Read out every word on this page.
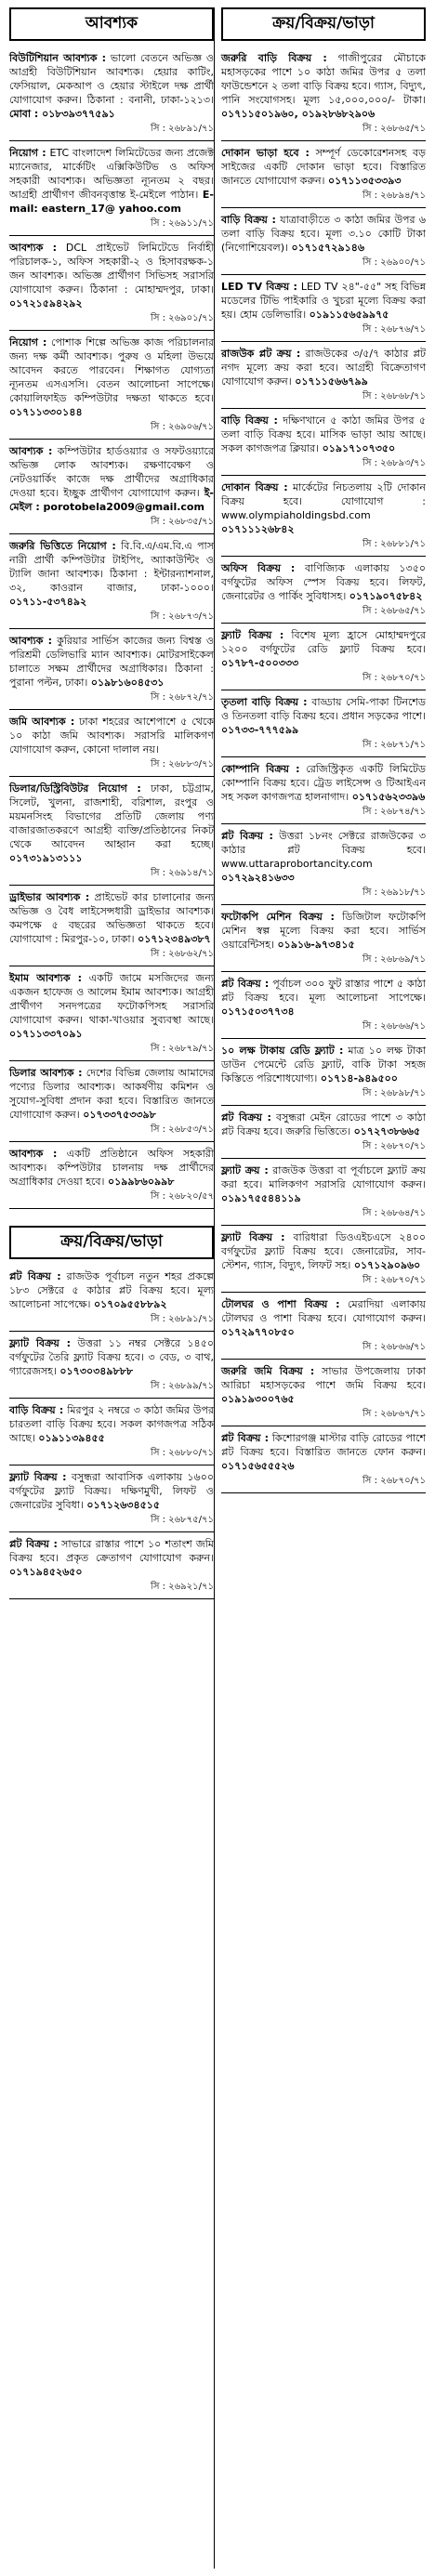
আবশ্যক

বিউটিশিয়ান আবশ্যক : ভালো বেতনে অভিজ্ঞ ও আগ্রহী বিউটিশিয়ান আবশ্যক। হেয়ার কাটিং, ফেসিয়াল, মেকআপ ও হেয়ার স্টাইলে দক্ষ প্রার্থী যোগাযোগ করুন। ঠিকানা : বনানী, ঢাকা-১২১৩। মোবা : ০১৮৩৯৩৭৭৫৯১

সি : ২৬৮৯১/৭১

নিয়োগ : ETC বাংলাদেশ লিমিটেডের জন্য প্রজেক্ট ম্যানেজার, মার্কেটিং এক্সিকিউটিভ ও অফিস সহকারী আবশ্যক। অভিজ্ঞতা ন্যূনতম ২ বছর। আগ্রহী প্রার্থীগণ জীবনবৃত্তান্ত ই-মেইলে পাঠান। E-mail: eastern_17@ yahoo.com

সি : ২৬৯১১/৭১

আবশ্যক : DCL প্রাইভেট লিমিটেডে নির্বাহী পরিচালক-১, অফিস সহকারী-২ ও হিসাবরক্ষক-১ জন আবশ্যক। অভিজ্ঞ প্রার্থীগণ সিভিসহ সরাসরি যোগাযোগ করুন। ঠিকানা : মোহাম্মদপুর, ঢাকা। ০১৭২১৫৯৪২৯২

সি : ২৬৯০১/৭১

নিয়োগ : পোশাক শিল্পে অভিজ্ঞ কাজ পরিচালনার জন্য দক্ষ কর্মী আবশ্যক। পুরুষ ও মহিলা উভয়ে আবেদন করতে পারবেন। শিক্ষাগত যোগ্যতা ন্যূনতম এসএসসি। বেতন আলোচনা সাপেক্ষে। কোয়ালিফাইড কম্পিউটার দক্ষতা থাকতে হবে। ০১৭১১৩৩০১৪৪

সি : ২৬৯০৬/৭১

আবশ্যক : কম্পিউটার হার্ডওয়্যার ও সফটওয়্যারে অভিজ্ঞ লোক আবশ্যক। রক্ষণাবেক্ষণ ও নেটওয়ার্কিং কাজে দক্ষ প্রার্থীদের অগ্রাধিকার দেওয়া হবে। ইচ্ছুক প্রার্থীগণ যোগাযোগ করুন। ই-মেইল : porotobela2009@gmail.com

সি : ২৬৮৩৫/৭১

জরুরি ভিত্তিতে নিয়োগ : বি.বি.এ/এম.বি.এ পাস নারী প্রার্থী কম্পিউটার টাইপিং, অ্যাকাউন্টিং ও ট্যালি জানা আবশ্যক। ঠিকানা : ইন্টারন্যাশনাল, ৩২, কাওরান বাজার, ঢাকা-১০০০। ০১৭১১-৫৩৭৪৯২

সি : ২৬৮৭৩/৭১

আবশ্যক : কুরিয়ার সার্ভিস কাজের জন্য বিশ্বস্ত ও পরিশ্রমী ডেলিভারি ম্যান আবশ্যক। মোটরসাইকেল চালাতে সক্ষম প্রার্থীদের অগ্রাধিকার। ঠিকানা : পুরানা পল্টন, ঢাকা। ০১৯৮১৬০৪৫৩১

সি : ২৬৮৭২/৭১

জমি আবশ্যক : ঢাকা শহরের আশেপাশে ৫ থেকে ১০ কাঠা জমি আবশ্যক। সরাসরি মালিকগণ যোগাযোগ করুন, কোনো দালাল নয়।

সি : ২৬৮৮৩/৭১

ডিলার/ডিস্ট্রিবিউটর নিয়োগ : ঢাকা, চট্টগ্রাম, সিলেট, খুলনা, রাজশাহী, বরিশাল, রংপুর ও ময়মনসিংহ বিভাগের প্রতিটি জেলায় পণ্য বাজারজাতকরণে আগ্রহী ব্যক্তি/প্রতিষ্ঠানের নিকট থেকে আবেদন আহ্বান করা হচ্ছে। ০১৭৩১৯১৩১১১

সি : ২৬৯১৪/৭১

ড্রাইভার আবশ্যক : প্রাইভেট কার চালানোর জন্য অভিজ্ঞ ও বৈধ লাইসেন্সধারী ড্রাইভার আবশ্যক। কমপক্ষে ৫ বছরের অভিজ্ঞতা থাকতে হবে। যোগাযোগ : মিরপুর-১০, ঢাকা। ০১৭১২৩৪৯৩৮৭

সি : ২৬৮৬২/৭১

ইমাম আবশ্যক : একটি জামে মসজিদের জন্য একজন হাফেজ ও আলেম ইমাম আবশ্যক। আগ্রহী প্রার্থীগণ সনদপত্রের ফটোকপিসহ সরাসরি যোগাযোগ করুন। থাকা-খাওয়ার সুব্যবস্থা আছে। ০১৭১১৩৩৭০৯১

সি : ২৬৮৭৯/৭১

ডিলার আবশ্যক : দেশের বিভিন্ন জেলায় আমাদের পণ্যের ডিলার আবশ্যক। আকর্ষণীয় কমিশন ও সুযোগ-সুবিধা প্রদান করা হবে। বিস্তারিত জানতে যোগাযোগ করুন। ০১৭৩৩৭৫৩৩৯৮

সি : ২৬৮৫৩/৭১

আবশ্যক : একটি প্রতিষ্ঠানে অফিস সহকারী আবশ্যক। কম্পিউটার চালনায় দক্ষ প্রার্থীদের অগ্রাধিকার দেওয়া হবে। ০১৯৯৮৬০৯৯৮

সি : ২৬৮২০/৫৭
ক্রয়/বিক্রয়/ভাড়া

প্লট বিক্রয় : রাজউক পূর্বাচল নতুন শহর প্রকল্পে ১৮৩ সেক্টরে ৫ কাঠার প্লট বিক্রয় হবে। মূল্য আলোচনা সাপেক্ষে। ০১৭০৯৫৫৮৮৯২

সি : ২৬৮৯১/৭১

ফ্ল্যাট বিক্রয় : উত্তরা ১১ নম্বর সেক্টরে ১৪৫০ বর্গফুটের তৈরি ফ্ল্যাট বিক্রয় হবে। ৩ বেড, ৩ বাথ, গ্যারেজসহ। ০১৭৩০৩৪৯৮৮৮

সি : ২৬৮৯৯/৭১

বাড়ি বিক্রয় : মিরপুর ২ নম্বরে ৩ কাঠা জমির উপর চারতলা বাড়ি বিক্রয় হবে। সকল কাগজপত্র সঠিক আছে। ০১৯১১৩৯৪৫৫

সি : ২৬৮৮০/৭১

ফ্ল্যাট বিক্রয় : বসুন্ধরা আবাসিক এলাকায় ১৬০০ বর্গফুটের ফ্ল্যাট বিক্রয়। দক্ষিণমুখী, লিফট ও জেনারেটর সুবিধা। ০১৭১২৬৩৪৫১৫

সি : ২৬৮৭৫/৭১

প্লট বিক্রয় : সাভারে রাস্তার পাশে ১০ শতাংশ জমি বিক্রয় হবে। প্রকৃত ক্রেতাগণ যোগাযোগ করুন। ০১৭১৯৪৫২৬৫০

সি : ২৬৯২১/৭১
ক্রয়/বিক্রয়/ভাড়া

জরুরি বাড়ি বিক্রয় : গাজীপুরের মৌচাকে মহাসড়কের পাশে ১০ কাঠা জমির উপর ৫ তলা ফাউন্ডেশনে ২ তলা বাড়ি বিক্রয় হবে। গ্যাস, বিদ্যুৎ, পানি সংযোগসহ। মূল্য ১৫,০০০,০০০/- টাকা। ০১৭১১৫০১৯৬০, ০১৯২৮৬৮২৯০৬

সি : ২৬৮৬৫/৭১

দোকান ভাড়া হবে : সম্পূর্ণ ডেকোরেশনসহ বড় সাইজের একটি দোকান ভাড়া হবে। বিস্তারিত জানতে যোগাযোগ করুন। ০১৭১১৩৫৩৩৯৩

সি : ২৬৮৯৪/৭১

বাড়ি বিক্রয় : যাত্রাবাড়ীতে ৩ কাঠা জমির উপর ৬ তলা বাড়ি বিক্রয় হবে। মূল্য ৩.১০ কোটি টাকা (নিগোশিয়েবল)। ০১৭১৫৭২৯১৪৬

সি : ২৬৯০০/৭১

LED TV বিক্রয় : LED TV ২৪"-৫৫" সহ বিভিন্ন মডেলের টিভি পাইকারি ও খুচরা মূল্যে বিক্রয় করা হয়। হোম ডেলিভারি। ০১৯১১৫৬৫৯৯৭৫

সি : ২৬৮৭৬/৭১

রাজউক প্লট ক্রয় : রাজউকের ৩/৫/৭ কাঠার প্লট নগদ মূল্যে ক্রয় করা হবে। আগ্রহী বিক্রেতাগণ যোগাযোগ করুন। ০১৭১১৫৬৬৭৯৯

সি : ২৬৮৬৮/৭১

বাড়ি বিক্রয় : দক্ষিণখানে ৫ কাঠা জমির উপর ৫ তলা বাড়ি বিক্রয় হবে। মাসিক ভাড়া আয় আছে। সকল কাগজপত্র ক্লিয়ার। ০১৯১৭১০৭৩৫০

সি : ২৬৮৯৩/৭১

দোকান বিক্রয় : মার্কেটের নিচতলায় ২টি দোকান বিক্রয় হবে। যোগাযোগ : www.olympiaholdingsbd.com ০১৭১১১২৬৮৪২

সি : ২৬৮৮১/৭১

অফিস বিক্রয় : বাণিজ্যিক এলাকায় ১৩৫০ বর্গফুটের অফিস স্পেস বিক্রয় হবে। লিফট, জেনারেটর ও পার্কিং সুবিধাসহ। ০১৭১৯০৭৫৮৪২

সি : ২৬৮৬৫/৭১

ফ্ল্যাট বিক্রয় : বিশেষ মূল্য হ্রাসে মোহাম্মদপুরে ১২০০ বর্গফুটের রেডি ফ্ল্যাট বিক্রয় হবে। ০১৭৮৭-৫০০৩৩৩

সি : ২৬৮৭০/৭১

তৃতলা বাড়ি বিক্রয় : বাড্ডায় সেমি-পাকা টিনশেড ও তিনতলা বাড়ি বিক্রয় হবে। প্রধান সড়কের পাশে। ০১৭৩৩-৭৭৭৫৯৯

সি : ২৬৮৭১/৭১

কোম্পানি বিক্রয় : রেজিস্ট্রিকৃত একটি লিমিটেড কোম্পানি বিক্রয় হবে। ট্রেড লাইসেন্স ও টিআইএন সহ সকল কাগজপত্র হালনাগাদ। ০১৭১৫৬২৩৩৯৬

সি : ২৬৮৭৪/৭১

প্লট বিক্রয় : উত্তরা ১৮নং সেক্টরে রাজউকের ৩ কাঠার প্লট বিক্রয় হবে। www.uttaraprobortancity.com ০১৭২৯২৪১৬৩৩

সি : ২৬৯১৮/৭১

ফটোকপি মেশিন বিক্রয় : ডিজিটাল ফটোকপি মেশিন স্বল্প মূল্যে বিক্রয় করা হবে। সার্ভিস ওয়ারেন্টিসহ। ০১৯১৬-৯৭৩৪১৫

সি : ২৬৮৬৯/৭১

প্লট বিক্রয় : পূর্বাচল ৩০০ ফুট রাস্তার পাশে ৫ কাঠা প্লট বিক্রয় হবে। মূল্য আলোচনা সাপেক্ষে। ০১৭১৫০৩৭৭৩৪

সি : ২৬৮৬৬/৭১

১০ লক্ষ টাকায় রেডি ফ্ল্যাট : মাত্র ১০ লক্ষ টাকা ডাউন পেমেন্টে রেডি ফ্ল্যাট, বাকি টাকা সহজ কিস্তিতে পরিশোধযোগ্য। ০১৭১৪-৯৪৯৫০০

সি : ২৬৮৯৮/৭১

প্লট বিক্রয় : বসুন্ধরা মেইন রোডের পাশে ৩ কাঠা প্লট বিক্রয় হবে। জরুরি ভিত্তিতে। ০১৭২৭৩৮৬৬৫

সি : ২৬৮৭০/৭১

ফ্ল্যাট ক্রয় : রাজউক উত্তরা বা পূর্বাচলে ফ্ল্যাট ক্রয় করা হবে। মালিকগণ সরাসরি যোগাযোগ করুন। ০১৯১৭৫৫৪৪১১৯

সি : ২৬৮৬৪/৭১

ফ্ল্যাট বিক্রয় : বারিধারা ডিওএইচএসে ২৪০০ বর্গফুটের ফ্ল্যাট বিক্রয় হবে। জেনারেটর, সাব-স্টেশন, গ্যাস, বিদ্যুৎ, লিফট সহ। ০১৭১২৯০৯৬০

সি : ২৬৮৭০/৭১

টোলঘর ও পাশা বিক্রয় : মেরাদিয়া এলাকায় টোলঘর ও পাশা বিক্রয় হবে। যোগাযোগ করুন। ০১৭২৯৭৭০৮৫০

সি : ২৬৮৬৬/৭১

জরুরি জমি বিক্রয় : সাভার উপজেলায় ঢাকা আরিচা মহাসড়কের পাশে জমি বিক্রয় হবে। ০১৯১৯৩০০৭৬৫

সি : ২৬৮৬৭/৭১

প্লট বিক্রয় : কিশোরগঞ্জ মাস্টার বাড়ি রোডের পাশে প্লট বিক্রয় হবে। বিস্তারিত জানতে ফোন করুন। ০১৭১৫৬৫৫৫২৬

সি : ২৬৮৭০/৭১
